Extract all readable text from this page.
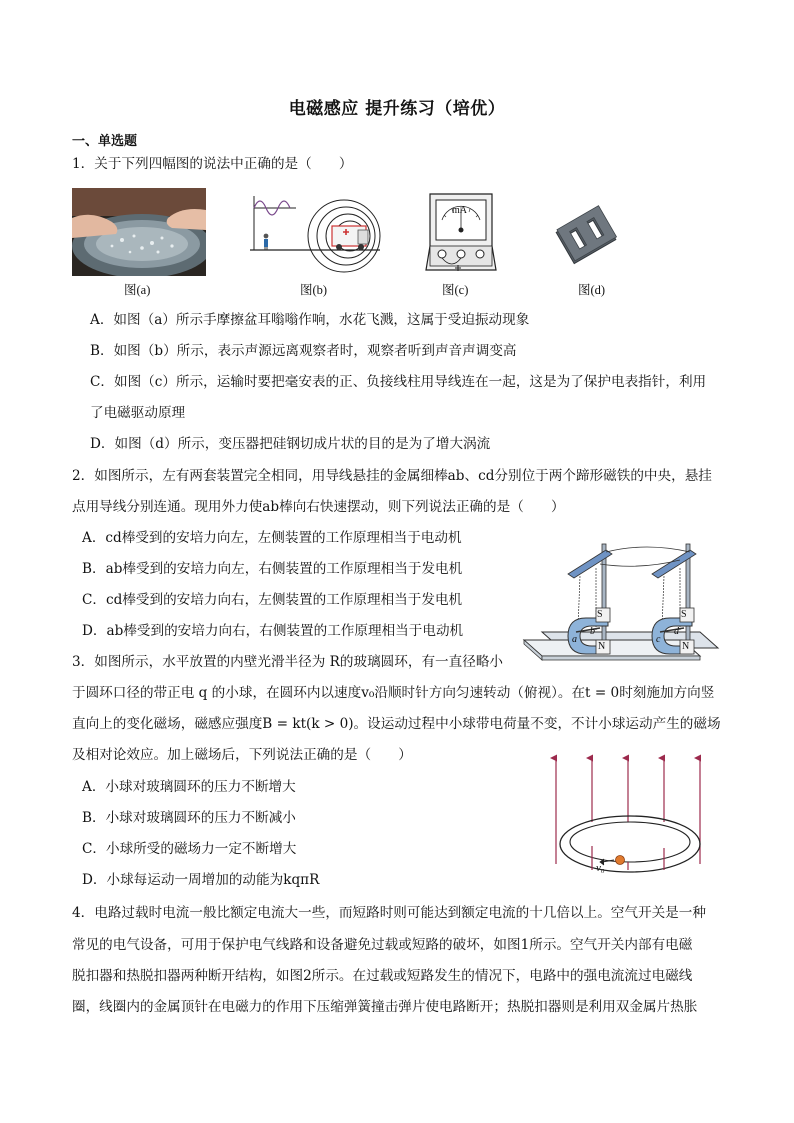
电磁感应 提升练习（培优）
一、单选题
1．关于下列四幅图的说法中正确的是（　　）
图(a)	图(b)
mA
图(c)	图(d)
A．如图（a）所示手摩擦盆耳嗡嗡作响，水花飞溅，这属于受迫振动现象
B．如图（b）所示，表示声源远离观察者时，观察者听到声音声调变高
C．如图（c）所示，运输时要把毫安表的正、负接线柱用导线连在一起，这是为了保护电表指针，利用
了电磁驱动原理
D．如图（d）所示，变压器把硅钢切成片状的目的是为了增大涡流
2．如图所示，左有两套装置完全相同，用导线悬挂的金属细棒ab、cd分别位于两个蹄形磁铁的中央，悬挂
点用导线分别连通。现用外力使ab棒向右快速摆动，则下列说法正确的是（　　）
A．cd棒受到的安培力向左，左侧装置的工作原理相当于电动机
B．ab棒受到的安培力向左，右侧装置的工作原理相当于发电机
C．cd棒受到的安培力向右，左侧装置的工作原理相当于发电机
D．ab棒受到的安培力向右，右侧装置的工作原理相当于电动机
S
N
S
N
a
b
c
d
3．如图所示，水平放置的内壁光滑半径为 R的玻璃圆环，有一直径略小
于圆环口径的带正电 q 的小球，在圆环内以速度v₀沿顺时针方向匀速转动（俯视）。在t = 0时刻施加方向竖
直向上的变化磁场，磁感应强度B = kt(k > 0)。设运动过程中小球带电荷量不变，不计小球运动产生的磁场
及相对论效应。加上磁场后，下列说法正确的是（　　）
A．小球对玻璃圆环的压力不断增大
B．小球对玻璃圆环的压力不断减小
C．小球所受的磁场力一定不断增大
D．小球每运动一周增加的动能为kqπR
v₀
4．电路过载时电流一般比额定电流大一些，而短路时则可能达到额定电流的十几倍以上。空气开关是一种
常见的电气设备，可用于保护电气线路和设备避免过载或短路的破坏，如图1所示。空气开关内部有电磁
脱扣器和热脱扣器两种断开结构，如图2所示。在过载或短路发生的情况下，电路中的强电流流过电磁线
圈，线圈内的金属顶针在电磁力的作用下压缩弹簧撞击弹片使电路断开；热脱扣器则是利用双金属片热胀
